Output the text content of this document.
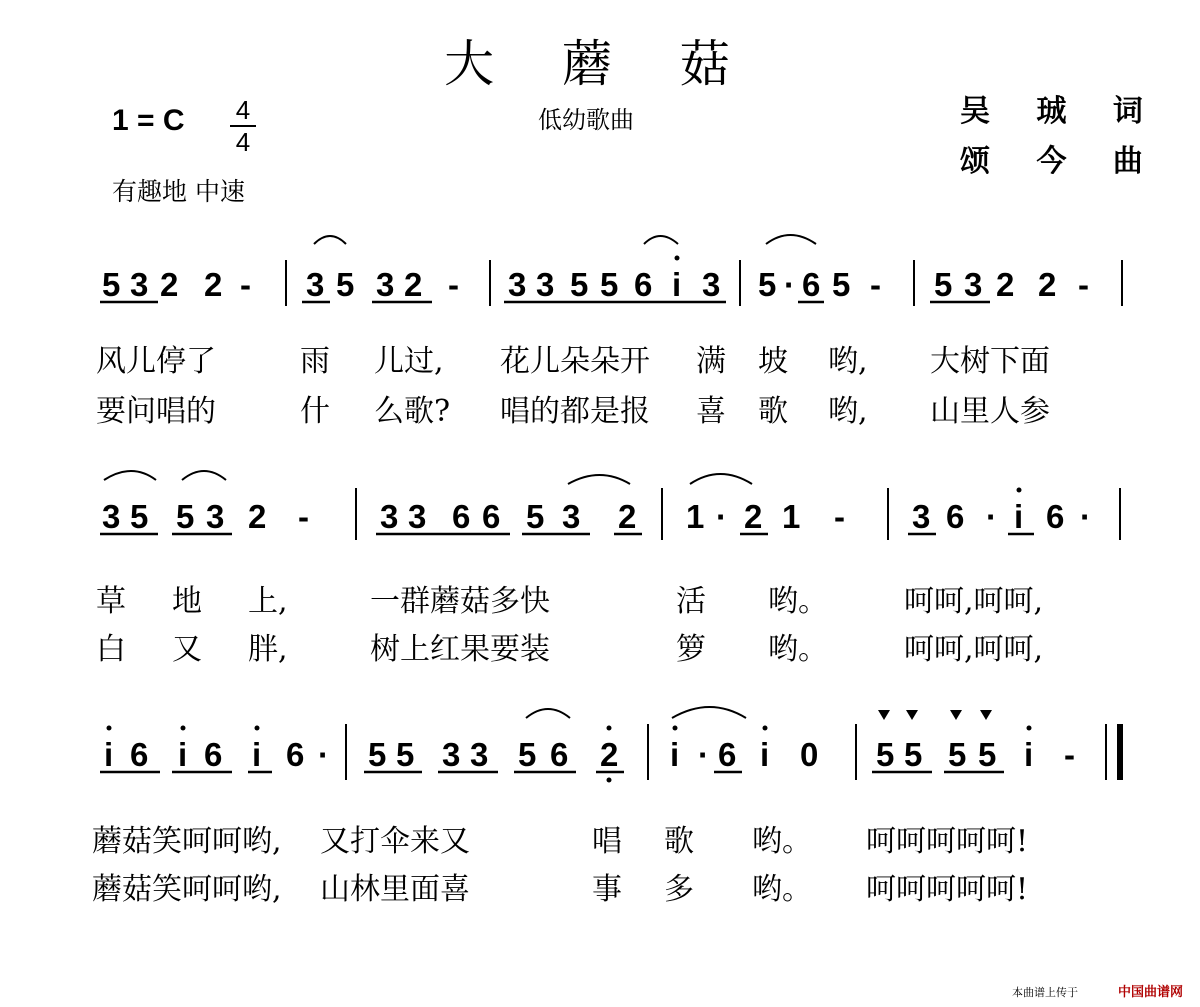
大 蘑 菇
1 = C	4
4
低幼歌曲	吴 珹 词
颂 今 曲
有趣地 中速
5 3 2 2 - 3 5 3 2 - 3 3 5 5 6 i 3 5 · 6 5 - 5 3 2 2 -
3 5 5 3 2 - 3 3 6 6 5 3 2 1 · 2 1 - 3 6 · i 6 ·
i 6 i 6 i 6 · 5 5 3 3 5 6 2 i · 6 i 0 5 5 5 5 i -
风儿停了	雨 儿过, 花儿朵朵开 满 坡 哟, 大树下面
要问唱的	什 么歌? 唱的都是报 喜 歌 哟, 山里人参
草 地 上,	一群蘑菇多快	活 哟。	呵呵,呵呵,
白 又 胖,	树上红果要装	箩 哟。	呵呵,呵呵,
蘑菇笑呵呵哟, 又打伞来又	唱 歌 哟。 呵呵呵呵呵!
蘑菇笑呵呵哟, 山林里面喜	事 多 哟。 呵呵呵呵呵!
本曲谱上传于	中国曲谱网
